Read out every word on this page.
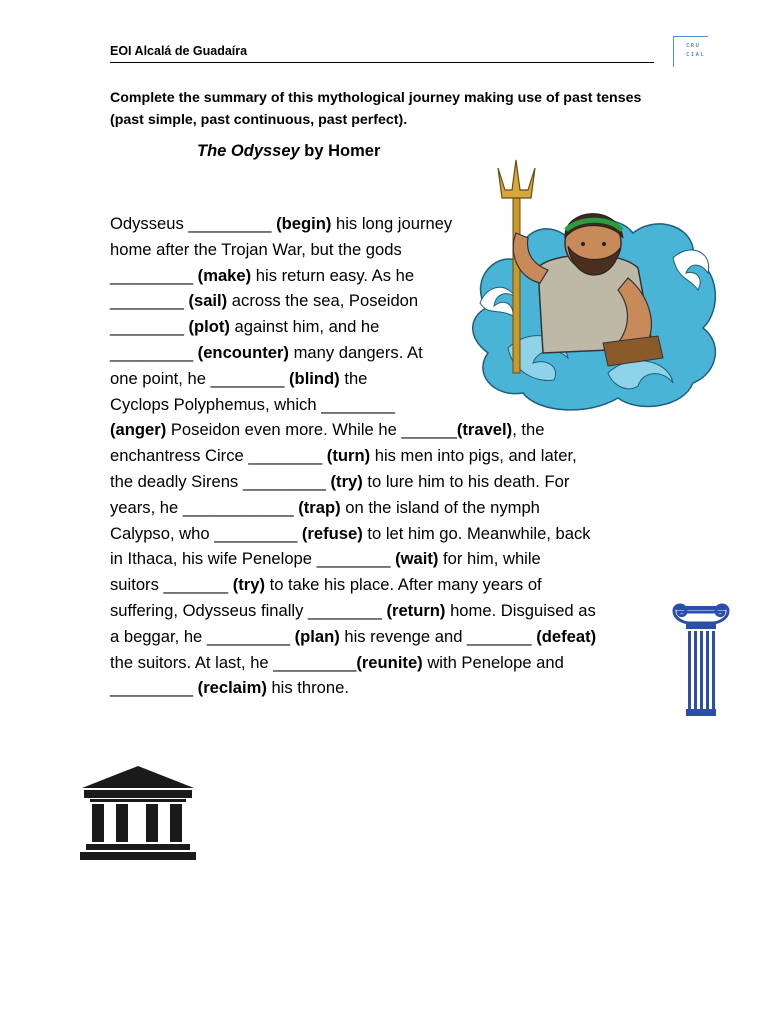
EOI Alcalá de Guadaíra	CRU
CIAL
Complete the summary of this mythological journey making use of past tenses (past simple, past continuous, past perfect).
The Odyssey by Homer
Odysseus _________ (begin) his long journey
home after the Trojan War, but the gods
_________ (make) his return easy. As he
________ (sail) across the sea, Poseidon
________ (plot) against him, and he
_________ (encounter) many dangers. At
one point, he ________ (blind) the
Cyclops Polyphemus, which ________
(anger) Poseidon even more. While he ______(travel), the
enchantress Circe ________ (turn) his men into pigs, and later,
the deadly Sirens _________ (try) to lure him to his death. For
years, he ____________ (trap) on the island of the nymph
Calypso, who _________ (refuse) to let him go. Meanwhile, back
in Ithaca, his wife Penelope ________ (wait) for him, while
suitors _______ (try) to take his place. After many years of
suffering, Odysseus finally ________ (return) home. Disguised as
a beggar, he _________ (plan) his revenge and _______ (defeat)
the suitors. At last, he _________(reunite) with Penelope and
_________ (reclaim) his throne.
